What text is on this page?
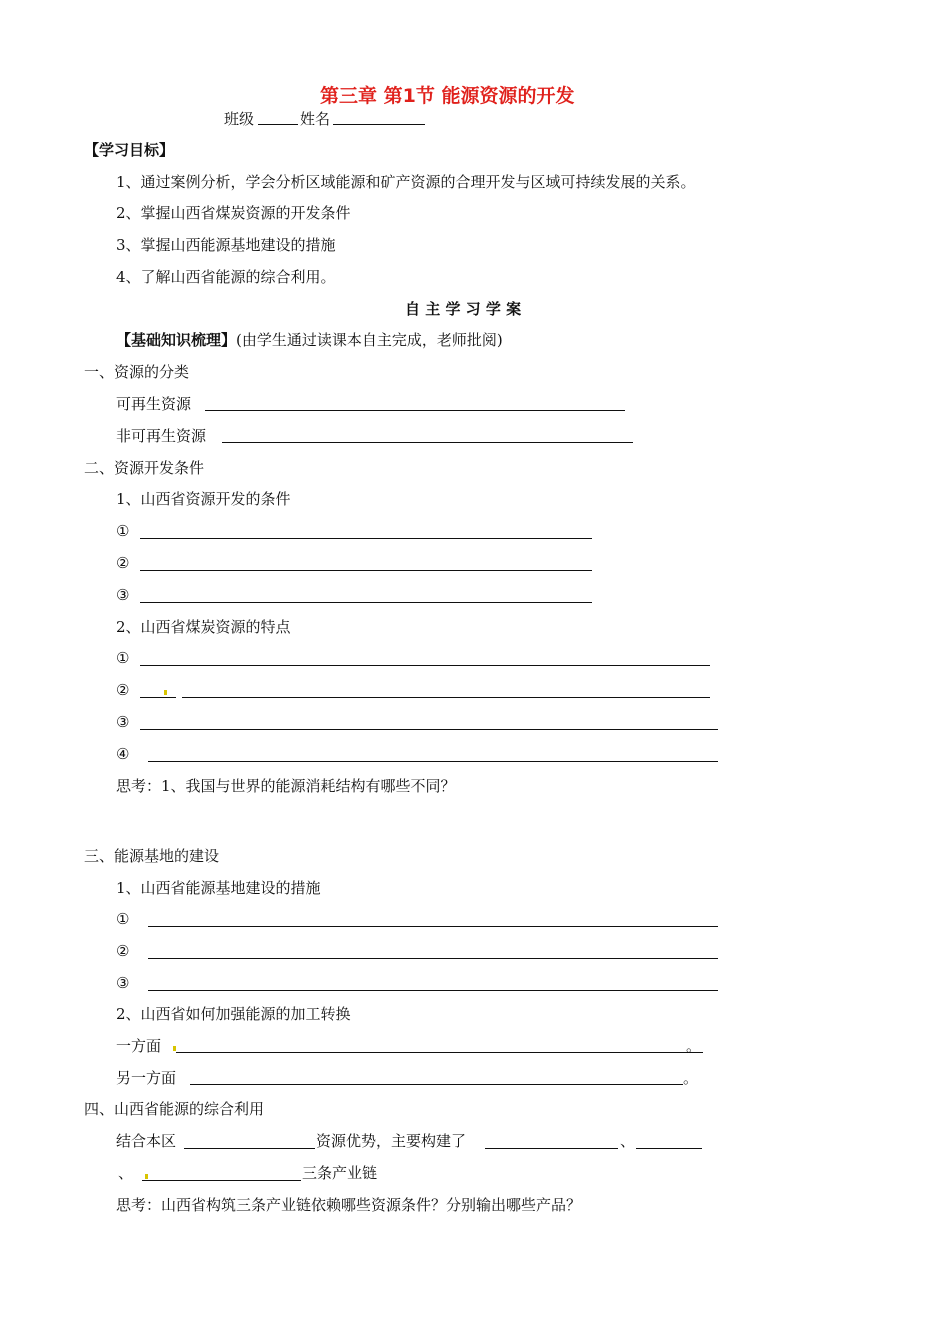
第三章 第1节 能源资源的开发
班级	姓名
【学习目标】
1、通过案例分析，学会分析区域能源和矿产资源的合理开发与区域可持续发展的关系。
2、掌握山西省煤炭资源的开发条件
3、掌握山西能源基地建设的措施
4、了解山西省能源的综合利用。
自 主 学 习 学 案
【基础知识梳理】(由学生通过读课本自主完成，老师批阅)
一、资源的分类
可再生资源
非可再生资源
二、资源开发条件
1、山西省资源开发的条件
①
②
③
2、山西省煤炭资源的特点
①
②
③
④
思考：1、我国与世界的能源消耗结构有哪些不同？
三、能源基地的建设
1、山西省能源基地建设的措施
①
②
③
2、山西省如何加强能源的加工转换
一方面	。
另一方面	。
四、山西省能源的综合利用
结合本区	资源优势，主要构建了	、
、	三条产业链
思考：山西省构筑三条产业链依赖哪些资源条件？分别输出哪些产品？
